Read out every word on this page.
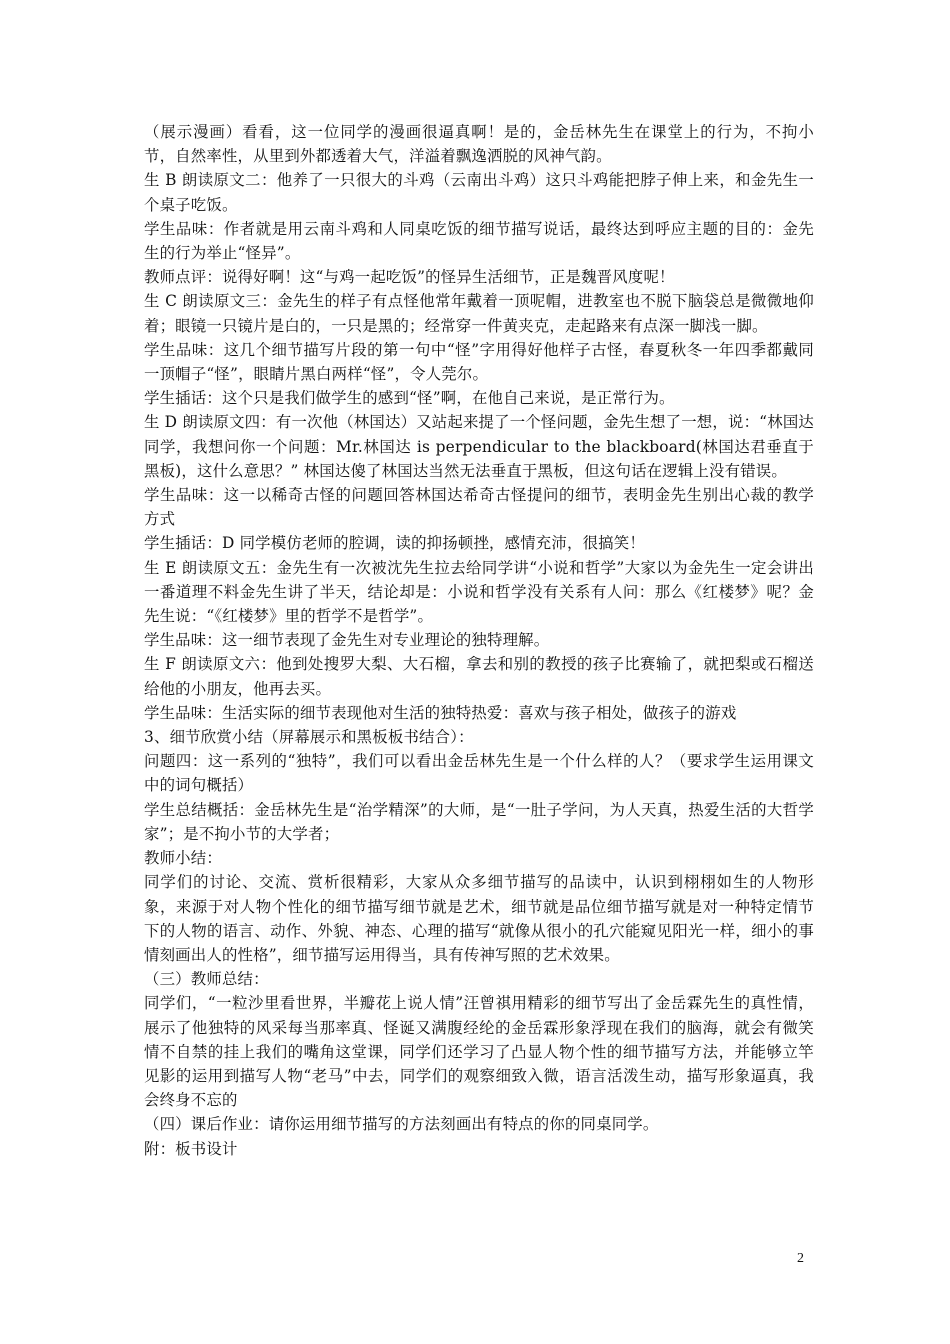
（展示漫画）看看，这一位同学的漫画很逼真啊！是的，金岳林先生在课堂上的行为，不拘小节，自然率性，从里到外都透着大气，洋溢着飘逸洒脱的风神气韵。

生 B 朗读原文二：他养了一只很大的斗鸡（云南出斗鸡）这只斗鸡能把脖子伸上来，和金先生一个桌子吃饭。

学生品味：作者就是用云南斗鸡和人同桌吃饭的细节描写说话，最终达到呼应主题的目的：金先生的行为举止“怪异”。

教师点评：说得好啊！这“与鸡一起吃饭”的怪异生活细节，正是魏晋风度呢！

生 C 朗读原文三：金先生的样子有点怪他常年戴着一顶呢帽，进教室也不脱下脑袋总是微微地仰着；眼镜一只镜片是白的，一只是黑的；经常穿一件黄夹克，走起路来有点深一脚浅一脚。

学生品味：这几个细节描写片段的第一句中“怪”字用得好他样子古怪，春夏秋冬一年四季都戴同一顶帽子“怪”，眼睛片黑白两样“怪”，令人莞尔。

学生插话：这个只是我们做学生的感到“怪”啊，在他自己来说，是正常行为。

生 D 朗读原文四：有一次他（林国达）又站起来提了一个怪问题，金先生想了一想，说：“林国达同学，我想问你一个问题：Mr.林国达 is perpendicular to the blackboard(林国达君垂直于黑板)，这什么意思？” 林国达傻了林国达当然无法垂直于黑板，但这句话在逻辑上没有错误。

学生品味：这一以稀奇古怪的问题回答林国达希奇古怪提问的细节，表明金先生别出心裁的教学方式

学生插话：D 同学模仿老师的腔调，读的抑扬顿挫，感情充沛，很搞笑！

生 E 朗读原文五：金先生有一次被沈先生拉去给同学讲“小说和哲学”大家以为金先生一定会讲出一番道理不料金先生讲了半天，结论却是：小说和哲学没有关系有人问：那么《红楼梦》呢？金先生说：“《红楼梦》里的哲学不是哲学”。

学生品味：这一细节表现了金先生对专业理论的独特理解。

生 F 朗读原文六：他到处搜罗大梨、大石榴，拿去和别的教授的孩子比赛输了，就把梨或石榴送给他的小朋友，他再去买。

学生品味：生活实际的细节表现他对生活的独特热爱：喜欢与孩子相处，做孩子的游戏

3、细节欣赏小结（屏幕展示和黑板板书结合）：

问题四：这一系列的“独特”，我们可以看出金岳林先生是一个什么样的人？（要求学生运用课文中的词句概括）

学生总结概括：金岳林先生是“治学精深”的大师，是“一肚子学问，为人天真，热爱生活的大哲学家”；是不拘小节的大学者；

教师小结：

同学们的讨论、交流、赏析很精彩，大家从众多细节描写的品读中，认识到栩栩如生的人物形象，来源于对人物个性化的细节描写细节就是艺术，细节就是品位细节描写就是对一种特定情节下的人物的语言、动作、外貌、神态、心理的描写“就像从很小的孔穴能窥见阳光一样，细小的事情刻画出人的性格”，细节描写运用得当，具有传神写照的艺术效果。

（三）教师总结：

同学们，“一粒沙里看世界，半瓣花上说人情”汪曾祺用精彩的细节写出了金岳霖先生的真性情，展示了他独特的风采每当那率真、怪诞又满腹经纶的金岳霖形象浮现在我们的脑海，就会有微笑情不自禁的挂上我们的嘴角这堂课，同学们还学习了凸显人物个性的细节描写方法，并能够立竿见影的运用到描写人物“老马”中去，同学们的观察细致入微，语言活泼生动，描写形象逼真，我会终身不忘的

（四）课后作业：请你运用细节描写的方法刻画出有特点的你的同桌同学。

附：板书设计

2
